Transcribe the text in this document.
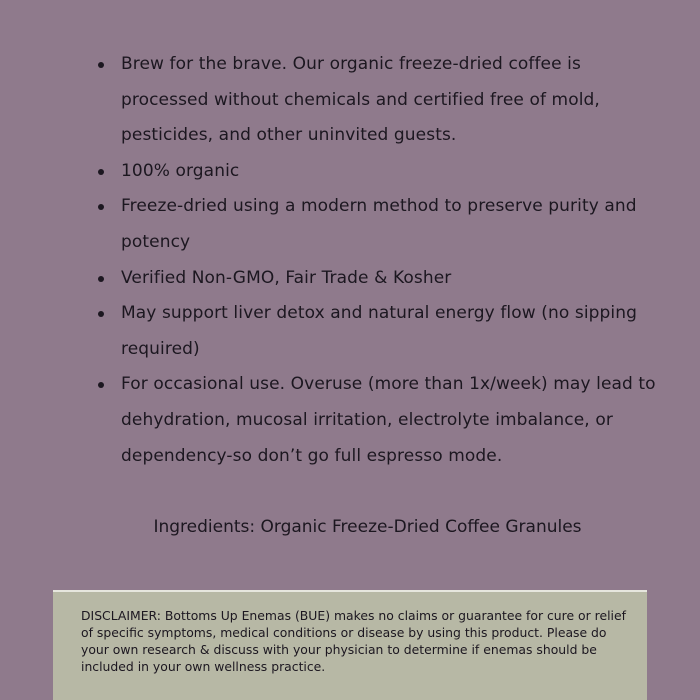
Brew for the brave. Our organic freeze-dried coffee is processed without chemicals and certified free of mold, pesticides, and other uninvited guests.
100% organic
Freeze-dried using a modern method to preserve purity and potency
Verified Non-GMO, Fair Trade & Kosher
May support liver detox and natural energy flow (no sipping required)
For occasional use. Overuse (more than 1x/week) may lead to dehydration, mucosal irritation, electrolyte imbalance, or dependency-so don’t go full espresso mode.
Ingredients: Organic Freeze-Dried Coffee Granules
DISCLAIMER: Bottoms Up Enemas (BUE) makes no claims or guarantee for cure or relief of specific symptoms, medical conditions or disease by using this product. Please do your own research & discuss with your physician to determine if enemas should be included in your own wellness practice.
